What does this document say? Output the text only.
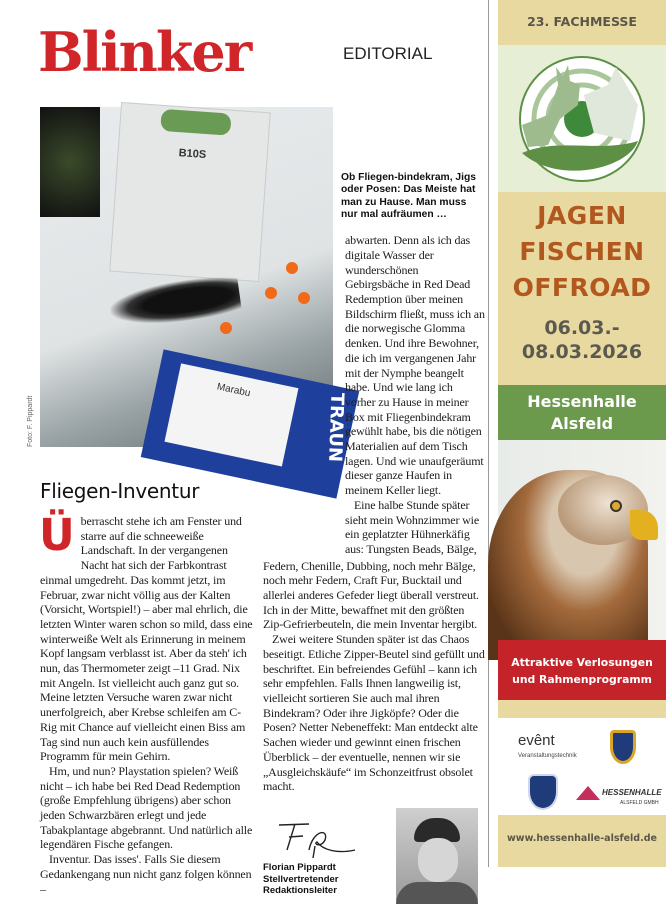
Blinker	EDITORIAL
B10S
TRAUN
Marabu
Foto: F. Pippardt
Ob Fliegen-bindekram, Jigs oder Posen: Das Meiste hat man zu Hause. Man muss nur mal aufräumen …

abwarten. Denn als ich das digitale Wasser der wunderschönen Gebirgsbäche in Red Dead Redemption über meinen Bildschirm fließt, muss ich an die norwegische Glomma denken. Und ihre Bewohner, die ich im vergangenen Jahr mit der Nymphe beangelt habe. Und wie lang ich vorher zu Hause in meiner Box mit Fliegenbindekram gewühlt habe, bis die nötigen Materialien auf dem Tisch lagen. Und wie unaufgeräumt dieser ganze Haufen in meinem Keller liegt.

Eine halbe Stunde später sieht mein Wohnzimmer wie ein geplatzter Hühnerkäfig aus: Tungsten Beads, Bälge,

Federn, Chenille, Dubbing, noch mehr Bälge, noch mehr Federn, Craft Fur, Bucktail und allerlei anderes Gefeder liegt überall verstreut. Ich in der Mitte, bewaffnet mit den größten Zip-Gefrierbeuteln, die mein Inventar hergibt.

Zwei weitere Stunden später ist das Chaos beseitigt. Etliche Zipper-Beutel sind gefüllt und beschriftet. Ein befreiendes Gefühl – kann ich sehr empfehlen. Falls Ihnen langweilig ist, vielleicht sortieren Sie auch mal ihren Bindekram? Oder ihre Jigköpfe? Oder die Posen? Netter Nebeneffekt: Man entdeckt alte Sachen wieder und gewinnt einen frischen Überblick – der eventuelle, nennen wir sie „Ausgleichskäufe“ im Schonzeitfrust obsolet macht.

Florian Pippardt
Stellvertretender
Redaktionsleiter
Fliegen-Inventur

Überrascht stehe ich am Fenster und starre auf die schneeweiße Landschaft. In der vergangenen Nacht hat sich der Farbkontrast einmal umgedreht. Das kommt jetzt, im Februar, zwar nicht völlig aus der Kalten (Vorsicht, Wortspiel!) – aber mal ehrlich, die letzten Winter waren schon so mild, dass eine winterweiße Welt als Erinnerung in meinem Kopf langsam verblasst ist. Aber da steh' ich nun, das Thermometer zeigt –11 Grad. Nix mit Angeln. Ist vielleicht auch ganz gut so. Meine letzten Versuche waren zwar nicht unerfolgreich, aber Krebse schleifen am C-Rig mit Chance auf vielleicht einen Biss am Tag sind nun auch kein ausfüllendes Programm für mein Gehirn.

Hm, und nun? Playstation spielen? Weiß nicht – ich habe bei Red Dead Redemption (große Empfehlung übrigens) aber schon jeden Schwarzbären erlegt und jede Tabakplantage abgebrannt. Und natürlich alle legendären Fische gefangen.

Inventur. Das isses'. Falls Sie diesem Gedankengang nun nicht ganz folgen können –

23. FACHMESSE
JAGEN
FISCHEN
OFFROAD
06.03.-
08.03.2026
Hessenhalle
Alsfeld
Attraktive Verlosungen
und Rahmenprogramm
evênt
Veranstaltungstechnik
HESSENHALLE
ALSFELD GMBH
www.hessenhalle-alsfeld.de
